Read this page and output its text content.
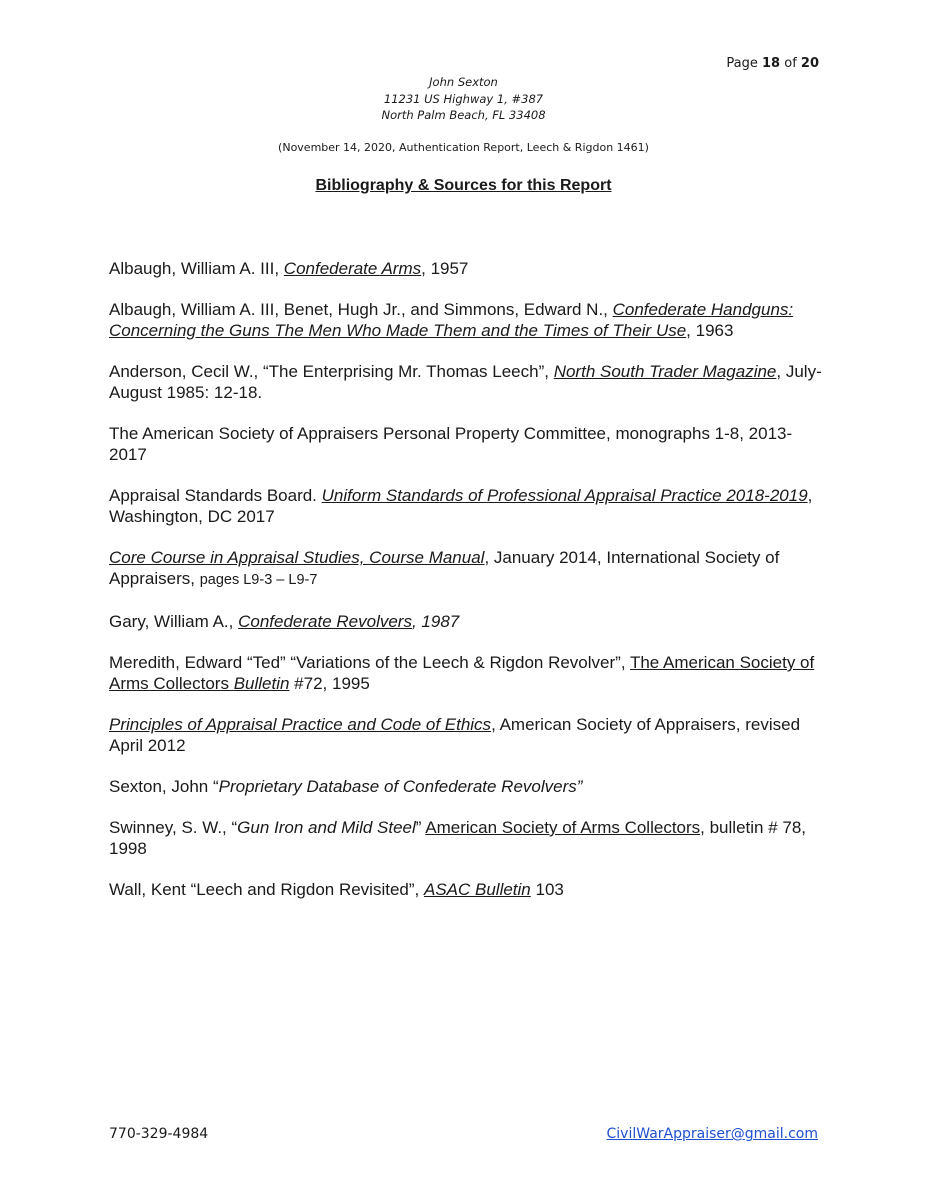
Page 18 of 20
John Sexton
11231 US Highway 1, #387
North Palm Beach, FL 33408
(November 14, 2020, Authentication Report, Leech & Rigdon 1461)
Bibliography & Sources for this Report

Albaugh, William A. III, Confederate Arms, 1957

Albaugh, William A. III, Benet, Hugh Jr., and Simmons, Edward N., Confederate Handguns: Concerning the Guns The Men Who Made Them and the Times of Their Use, 1963

Anderson, Cecil W., “The Enterprising Mr. Thomas Leech”, North South Trader Magazine, July-August 1985: 12-18.

The American Society of Appraisers Personal Property Committee, monographs 1-8, 2013-2017

Appraisal Standards Board. Uniform Standards of Professional Appraisal Practice 2018-2019, Washington, DC 2017

Core Course in Appraisal Studies, Course Manual, January 2014, International Society of Appraisers, pages L9-3 – L9-7

Gary, William A., Confederate Revolvers, 1987

Meredith, Edward “Ted” “Variations of the Leech & Rigdon Revolver”, The American Society of Arms Collectors Bulletin #72, 1995

Principles of Appraisal Practice and Code of Ethics, American Society of Appraisers, revised April 2012

Sexton, John “Proprietary Database of Confederate Revolvers”

Swinney, S. W., “Gun Iron and Mild Steel” American Society of Arms Collectors, bulletin # 78, 1998

Wall, Kent “Leech and Rigdon Revisited”, ASAC Bulletin 103

770-329-4984	CivilWarAppraiser@gmail.com
